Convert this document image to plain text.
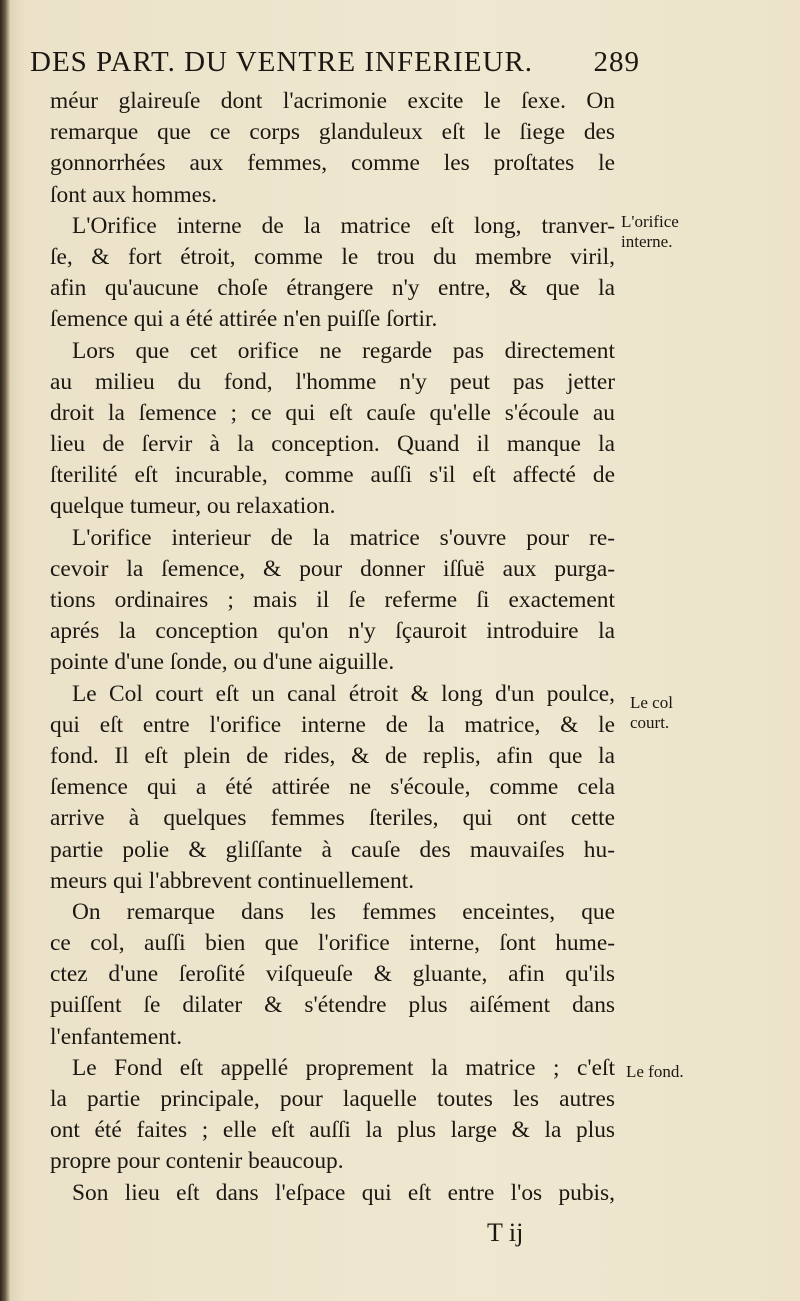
DES PART. DU VENTRE INFERIEUR. 289
méur glaireuſe dont l'acrimonie excite le ſexe. On
remarque que ce corps glanduleux eſt le ſiege des
gonnorrhées aux femmes, comme les proſtates le
ſont aux hommes.
L'Orifice interne de la matrice eſt long, tranver-
ſe, & fort étroit, comme le trou du membre viril,
afin qu'aucune choſe étrangere n'y entre, & que la
ſemence qui a été attirée n'en puiſſe ſortir.
Lors que cet orifice ne regarde pas directement
au milieu du fond, l'homme n'y peut pas jetter
droit la ſemence ; ce qui eſt cauſe qu'elle s'écoule au
lieu de ſervir à la conception. Quand il manque la
ſterilité eſt incurable, comme auſſi s'il eſt affecté de
quelque tumeur, ou relaxation.
L'orifice interieur de la matrice s'ouvre pour re-
cevoir la ſemence, & pour donner iſſuë aux purga-
tions ordinaires ; mais il ſe referme ſi exactement
aprés la conception qu'on n'y ſçauroit introduire la
pointe d'une ſonde, ou d'une aiguille.
Le Col court eſt un canal étroit & long d'un poulce,
qui eſt entre l'orifice interne de la matrice, & le
fond. Il eſt plein de rides, & de replis, afin que la
ſemence qui a été attirée ne s'écoule, comme cela
arrive à quelques femmes ſteriles, qui ont cette
partie polie & gliſſante à cauſe des mauvaiſes hu-
meurs qui l'abbrevent continuellement.
On remarque dans les femmes enceintes, que
ce col, auſſi bien que l'orifice interne, ſont hume-
ctez d'une ſeroſité viſqueuſe & gluante, afin qu'ils
puiſſent ſe dilater & s'étendre plus aiſément dans
l'enfantement.
Le Fond eſt appellé proprement la matrice ; c'eſt
la partie principale, pour laquelle toutes les autres
ont été faites ; elle eſt auſſi la plus large & la plus
propre pour contenir beaucoup.
Son lieu eſt dans l'eſpace qui eſt entre l'os pubis,
L'orifice
interne.
Le col
court.
Le fond.
T ij
